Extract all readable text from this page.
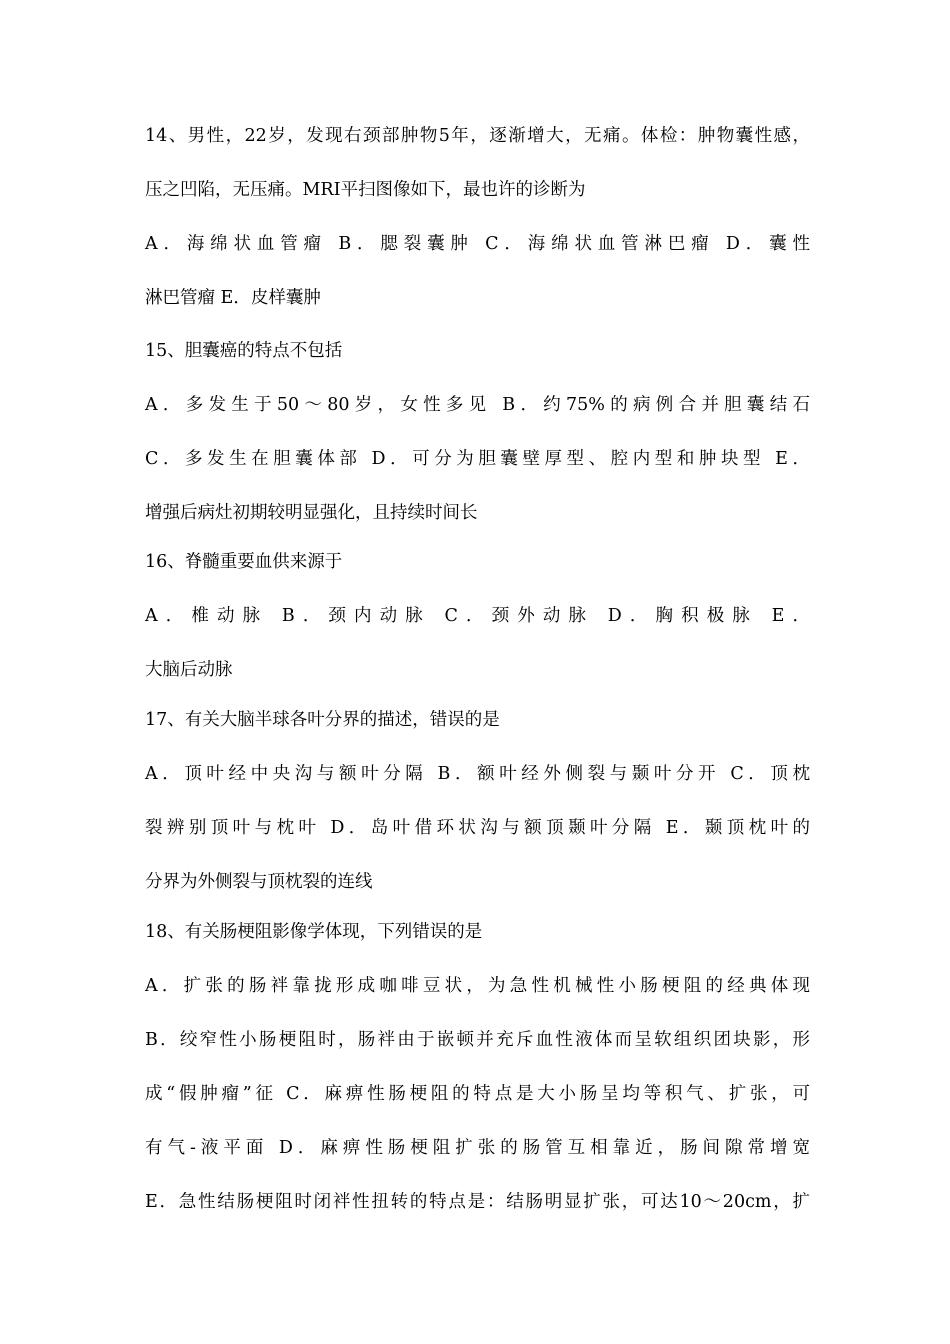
14、男性，22岁，发现右颈部肿物5年，逐渐增大，无痛。体检：肿物囊性感，
压之凹陷，无压痛。MRI平扫图像如下，最也许的诊断为
A．海绵状血管瘤 B．腮裂囊肿 C．海绵状血管淋巴瘤 D．囊性
淋巴管瘤 E．皮样囊肿
15、胆囊癌的特点不包括
A．多发生于50～80岁，女性多见 B．约75%的病例合并胆囊结石
C．多发生在胆囊体部 D．可分为胆囊壁厚型、腔内型和肿块型 E．
增强后病灶初期较明显强化，且持续时间长
16、脊髓重要血供来源于
A．椎动脉 B．颈内动脉 C．颈外动脉 D．胸积极脉 E．
大脑后动脉
17、有关大脑半球各叶分界的描述，错误的是
A．顶叶经中央沟与额叶分隔 B．额叶经外侧裂与颞叶分开 C．顶枕
裂辨别顶叶与枕叶 D．岛叶借环状沟与额顶颞叶分隔 E．颞顶枕叶的
分界为外侧裂与顶枕裂的连线
18、有关肠梗阻影像学体现，下列错误的是
A．扩张的肠袢靠拢形成咖啡豆状，为急性机械性小肠梗阻的经典体现
B．绞窄性小肠梗阻时，肠袢由于嵌顿并充斥血性液体而呈软组织团块影，形
成“假肿瘤”征 C．麻痹性肠梗阻的特点是大小肠呈均等积气、扩张，可
有气-液平面 D．麻痹性肠梗阻扩张的肠管互相靠近，肠间隙常增宽
E．急性结肠梗阻时闭袢性扭转的特点是：结肠明显扩张，可达10～20cm，扩
